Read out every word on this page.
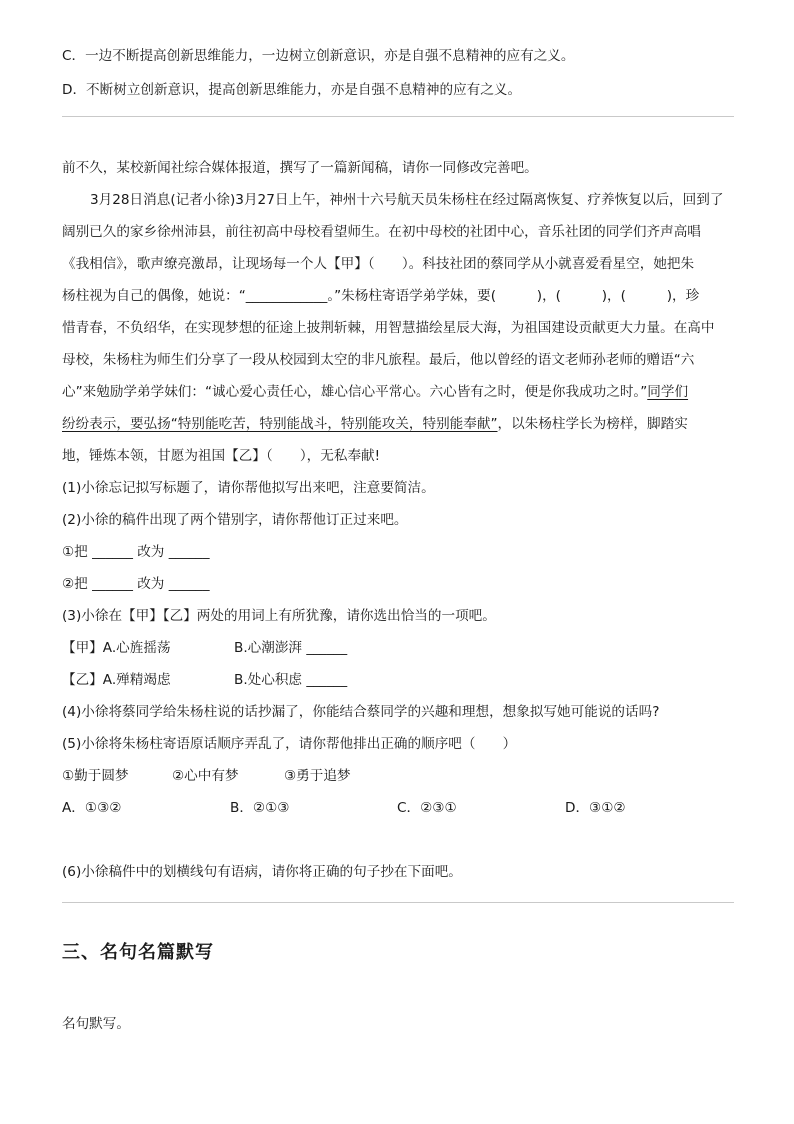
C．一边不断提高创新思维能力，一边树立创新意识，亦是自强不息精神的应有之义。
D．不断树立创新意识，提高创新思维能力，亦是自强不息精神的应有之义。
前不久，某校新闻社综合媒体报道，撰写了一篇新闻稿，请你一同修改完善吧。
3月28日消息(记者小徐)3月27日上午，神州十六号航天员朱杨柱在经过隔离恢复、疗养恢复以后，回到了
阔别已久的家乡徐州沛县，前往初高中母校看望师生。在初中母校的社团中心，音乐社团的同学们齐声高唱
《我相信》，歌声缭亮激昂，让现场每一个人【甲】（　　）。科技社团的蔡同学从小就喜爱看星空，她把朱
杨柱视为自己的偶像，她说：“____________。”朱杨柱寄语学弟学妹，要(　　　)，(　　　)，(　　　)，珍
惜青春，不负绍华，在实现梦想的征途上披荆斩棘，用智慧描绘星辰大海，为祖国建设贡献更大力量。在高中
母校，朱杨柱为师生们分享了一段从校园到太空的非凡旅程。最后，他以曾经的语文老师孙老师的赠语“六
心”来勉励学弟学妹们：“诚心爱心责任心，雄心信心平常心。六心皆有之时，便是你我成功之时。”同学们
纷纷表示，要弘扬“特别能吃苦，特别能战斗，特别能攻关，特别能奉献”，以朱杨柱学长为榜样，脚踏实
地，锤炼本领，甘愿为祖国【乙】（　　），无私奉献!
(1)小徐忘记拟写标题了，请你帮他拟写出来吧，注意要简洁。
(2)小徐的稿件出现了两个错别字，请你帮他订正过来吧。
①把 ______ 改为 ______
②把 ______ 改为 ______
(3)小徐在【甲】【乙】两处的用词上有所犹豫，请你选出恰当的一项吧。
【甲】A.心旌摇荡	B.心潮澎湃 ______
【乙】A.殚精竭虑	B.处心积虑 ______
(4)小徐将蔡同学给朱杨柱说的话抄漏了，你能结合蔡同学的兴趣和理想，想象拟写她可能说的话吗?
(5)小徐将朱杨柱寄语原话顺序弄乱了，请你帮他排出正确的顺序吧（　　）
①勤于圆梦	②心中有梦	③勇于追梦
A．①③②	B．②①③	C．②③①	D．③①②
(6)小徐稿件中的划横线句有语病，请你将正确的句子抄在下面吧。
三、名句名篇默写
名句默写。
